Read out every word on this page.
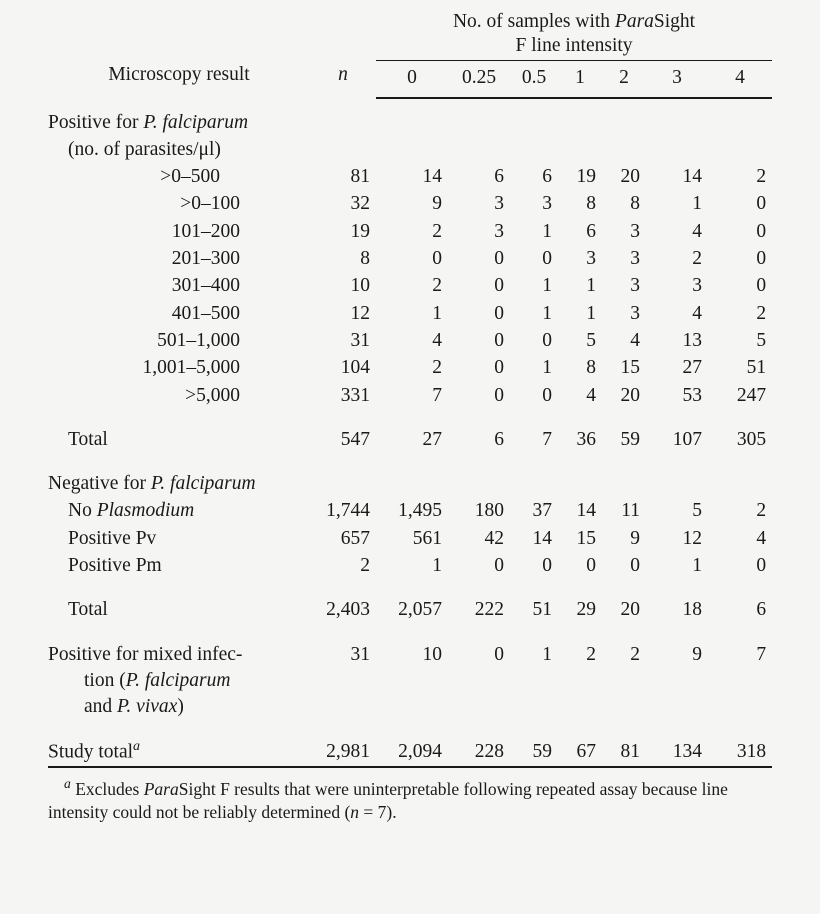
Microscopy result	n	No. of samples with ParaSight
F line intensity						
		0	0.25	0.5	1	2	3	4
Positive for P. falciparum								
(no. of parasites/μl)								

>0–500	81	14	6	6	19	20	14	2

>0–100	32	9	3	3	8	8	1	0

101–200	19	2	3	1	6	3	4	0

201–300	8	0	0	0	3	3	2	0

301–400	10	2	0	1	1	3	3	0

401–500	12	1	0	1	1	3	4	2

501–1,000	31	4	0	0	5	4	13	5

1,001–5,000	104	2	0	1	8	15	27	51

>5,000	331	7	0	0	4	20	53	247
Total	547	27	6	7	36	59	107	305
Negative for P. falciparum								
No Plasmodium	1,744	1,495	180	37	14	11	5	2
Positive Pv	657	561	42	14	15	9	12	4
Positive Pm	2	1	0	0	0	0	1	0
Total	2,403	2,057	222	51	29	20	18	6

Positive for mixed infec-
tion (P. falciparum
and P. vivax)	31	10	0	1	2	2	9	7
Study total$^a$	2,981	2,094	228	59	67	81	134	318
$^a$ Excludes ParaSight F results that were uninterpretable following repeated assay because line intensity could not be reliably determined (n = 7).
